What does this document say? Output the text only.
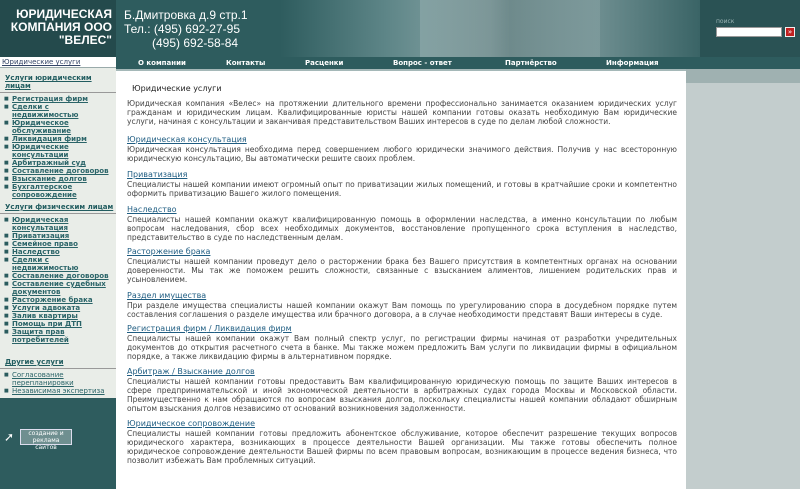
ЮРИДИЧЕСКАЯ КОМПАНИЯ ООО "ВЕЛЕС"
Б.Дмитровка д.9 стр.1
Тел.: (495) 692-27-95
(495) 692-58-84
поиск
»
О компании	Контакты	Расценки	Вопрос - ответ	Партнёрство	Информация
Юридические услуги
Услуги юридическим лицам
■ Регистрация фирм
■ Сделки с недвижимостью
■ Юридическое обслуживание
■ Ликвидация фирм
■ Юридические консультации
■ Арбитражный суд
■ Составление договоров
■ Взыскание долгов
■ Бухгалтерское сопровождение
Услуги физическим лицам
■ Юридическая консультация
■ Приватизация
■ Семейное право
■ Наследство
■ Сделки с недвижимостью
■ Составление договоров
■ Составление судебных документов
■ Расторжение брака
■ Услуги адвоката
■ Залив квартиры
■ Помощь при ДТП
■ Защита прав потребителей
Другие услуги
■ Согласование перепланировки
■ Независимая экспертиза
➚	создание и реклама сайтов
Юридические услуги
Юридическая компания «Велес» на протяжении длительного времени профессионально занимается оказанием юридических услуг гражданам и юридическим лицам. Квалифицированные юристы нашей компании готовы оказать необходимую Вам юридические услуги, начиная с консультации и заканчивая представительством Ваших интересов в суде по делам любой сложности.
Юридическая консультация
Юридическая консультация необходима перед совершением любого юридически значимого действия. Получив у нас всесторонную юридическую консультацию, Вы автоматически решите своих проблем.
Приватизация
Специалисты нашей компании имеют огромный опыт по приватизации жилых помещений, и готовы в кратчайшие сроки и компетентно оформить приватизацию Вашего жилого помещения.
Наследство
Специалисты нашей компании окажут квалифицированную помощь в оформлении наследства, а именно консультации по любым вопросам наследования, сбор всех необходимых документов, восстановление пропущенного срока вступления в наследство, представительство в суде по наследственным делам.
Расторжение брака
Специалисты нашей компании проведут дело о расторжении брака без Вашего присутствия в компетентных органах на основании доверенности. Мы так же поможем решить сложности, связанные с взысканием алиментов, лишением родительских прав и усыновлением.
Раздел имущества
При разделе имущества специалисты нашей компании окажут Вам помощь по урегулированию спора в досудебном порядке путем составления соглашения о разделе имущества или брачного договора, а в случае необходимости представят Ваши интересы в суде.
Регистрация фирм / Ликвидация фирм
Специалисты нашей компании окажут Вам полный спектр услуг, по регистрации фирмы начиная от разработки учредительных документов до открытия расчетного счета в банке. Мы также можем предложить Вам услуги по ликвидации фирмы в официальном порядке, а также ликвидацию фирмы в альтернативном порядке.
Арбитраж / Взыскание долгов
Специалисты нашей компании готовы предоставить Вам квалифицированную юридическую помощь по защите Ваших интересов в сфере предпринимательской и иной экономической деятельности в арбитражных судах города Москвы и Московской области. Преимущественно к нам обращаются по вопросам взыскания долгов, поскольку специалисты нашей компании обладают обширным опытом взыскания долгов независимо от оснований возникновения задолженности.
Юридическое сопровождение
Специалисты нашей компании готовы предложить абонентское обслуживание, которое обеспечит разрешение текущих вопросов юридического характера, возникающих в процессе деятельности Вашей организации. Мы также готовы обеспечить полное юридическое сопровождение деятельности Вашей фирмы по всем правовым вопросам, возникающим в процессе ведения бизнеса, что позволит избежать Вам проблемных ситуаций.
